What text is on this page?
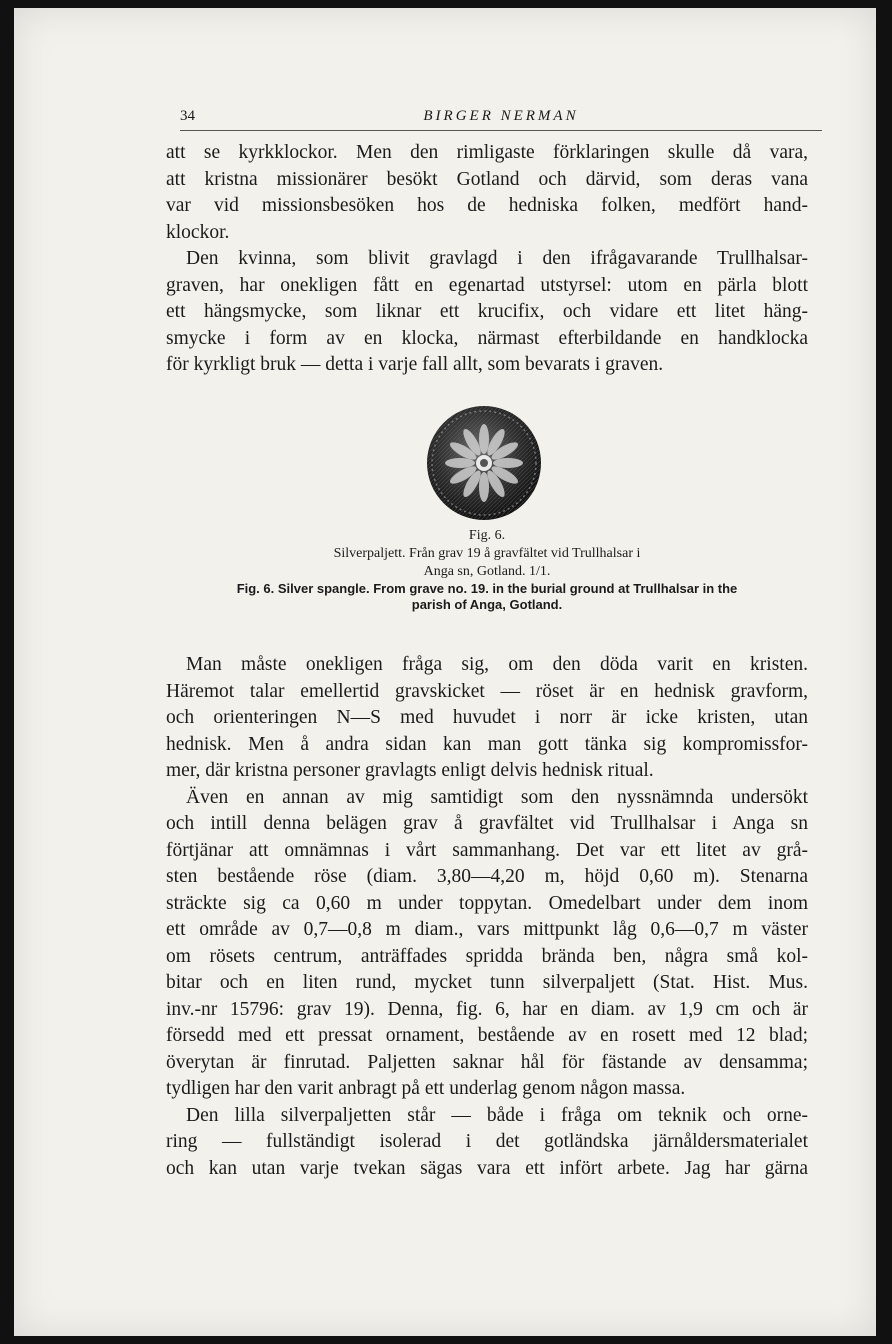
34	BIRGER NERMAN

att se kyrkklockor. Men den rimligaste förklaringen skulle då vara,

att kristna missionärer besökt Gotland och därvid, som deras vana

var vid missionsbesöken hos de hedniska folken, medfört hand-

klockor.

Den kvinna, som blivit gravlagd i den ifrågavarande Trullhalsar-

graven, har onekligen fått en egenartad utstyrsel: utom en pärla blott

ett hängsmycke, som liknar ett krucifix, och vidare ett litet häng-

smycke i form av en klocka, närmast efterbildande en handklocka

för kyrkligt bruk — detta i varje fall allt, som bevarats i graven.

Fig. 6.
Silverpaljett. Från grav 19 å gravfältet vid Trullhalsar i
Anga sn, Gotland. 1/1.
Fig. 6. Silver spangle. From grave no. 19. in the burial ground at Trullhalsar in the
parish of Anga, Gotland.

Man måste onekligen fråga sig, om den döda varit en kristen.

Häremot talar emellertid gravskicket — röset är en hednisk gravform,

och orienteringen N—S med huvudet i norr är icke kristen, utan

hednisk. Men å andra sidan kan man gott tänka sig kompromissfor-

mer, där kristna personer gravlagts enligt delvis hednisk ritual.

Även en annan av mig samtidigt som den nyssnämnda undersökt

och intill denna belägen grav å gravfältet vid Trullhalsar i Anga sn

förtjänar att omnämnas i vårt sammanhang. Det var ett litet av grå-

sten bestående röse (diam. 3,80—4,20 m, höjd 0,60 m). Stenarna

sträckte sig ca 0,60 m under toppytan. Omedelbart under dem inom

ett område av 0,7—0,8 m diam., vars mittpunkt låg 0,6—0,7 m väster

om rösets centrum, anträffades spridda brända ben, några små kol-

bitar och en liten rund, mycket tunn silverpaljett (Stat. Hist. Mus.

inv.-nr 15796: grav 19). Denna, fig. 6, har en diam. av 1,9 cm och är

försedd med ett pressat ornament, bestående av en rosett med 12 blad;

överytan är finrutad. Paljetten saknar hål för fästande av densamma;

tydligen har den varit anbragt på ett underlag genom någon massa.

Den lilla silverpaljetten står — både i fråga om teknik och orne-

ring — fullständigt isolerad i det gotländska järnåldersmaterialet

och kan utan varje tvekan sägas vara ett infört arbete. Jag har gärna
